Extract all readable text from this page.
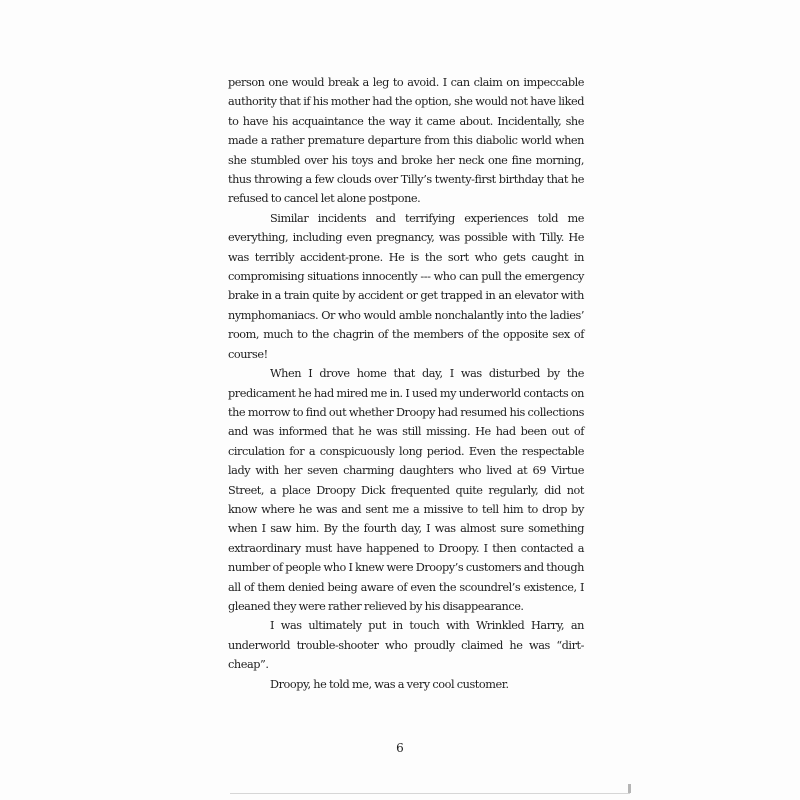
person one would break a leg to avoid. I can claim on impeccable authority that if his mother had the option, she would not have liked to have his acquaintance the way it came about. Incidentally, she made a rather premature departure from this diabolic world when she stumbled over his toys and broke her neck one fine morning, thus throwing a few clouds over Tilly’s twenty-first birthday that he refused to cancel let alone postpone.

Similar incidents and terrifying experiences told me everything, including even pregnancy, was possible with Tilly. He was terribly accident-prone. He is the sort who gets caught in compromising situations innocently --- who can pull the emergency brake in a train quite by accident or get trapped in an elevator with nymphomaniacs. Or who would amble nonchalantly into the ladies’ room, much to the chagrin of the members of the opposite sex of course!

When I drove home that day, I was disturbed by the predicament he had mired me in. I used my underworld contacts on the morrow to find out whether Droopy had resumed his collections and was informed that he was still missing. He had been out of circulation for a conspicuously long period. Even the respectable lady with her seven charming daughters who lived at 69 Virtue Street, a place Droopy Dick frequented quite regularly, did not know where he was and sent me a missive to tell him to drop by when I saw him. By the fourth day, I was almost sure something extraordinary must have happened to Droopy. I then contacted a number of people who I knew were Droopy’s customers and though all of them denied being aware of even the scoundrel’s existence, I gleaned they were rather relieved by his disappearance.

I was ultimately put in touch with Wrinkled Harry, an underworld trouble-shooter who proudly claimed he was “dirt- cheap”.

Droopy, he told me, was a very cool customer.

6
